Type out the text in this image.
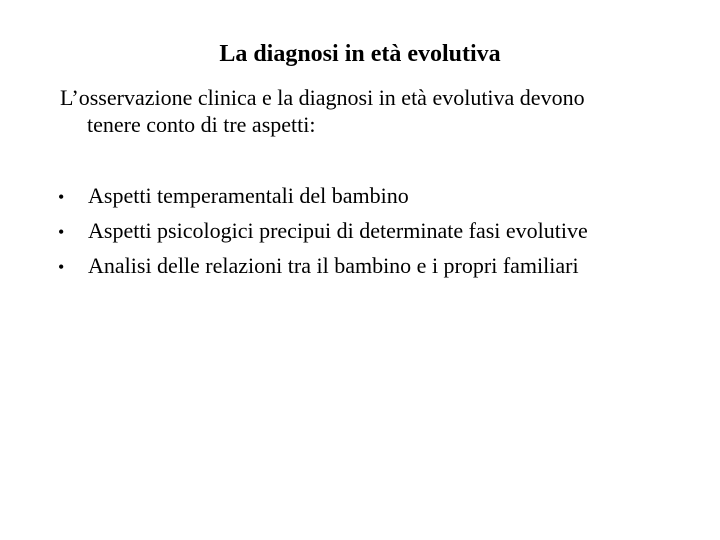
La diagnosi in età evolutiva
L’osservazione clinica e la diagnosi in età evolutiva devono
tenere conto di tre aspetti:
•	Aspetti temperamentali del bambino
•	Aspetti psicologici precipui di determinate fasi evolutive
•	Analisi delle relazioni tra il bambino e i propri familiari
